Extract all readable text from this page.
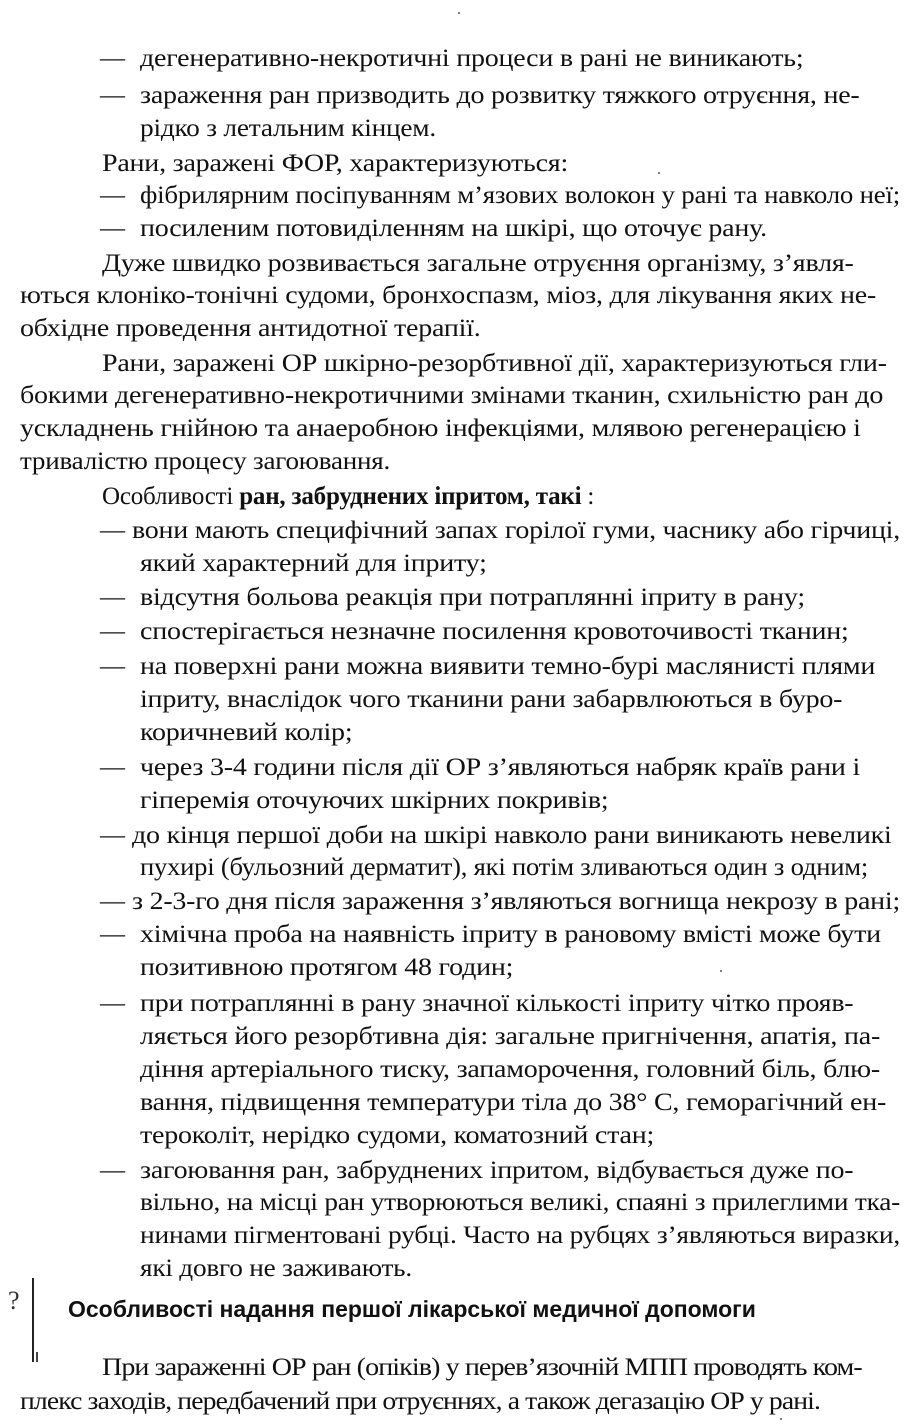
— дегенеративно-некротичні процеси в рані не виникають;
— зараження ран призводить до розвитку тяжкого отруєння, не-
рідко з летальним кінцем.
Рани, заражені ФОР, характеризуються:
— фібрилярним посіпуванням м’язових волокон у рані та навколо неї;
— посиленим потовиділенням на шкірі, що оточує рану.
Дуже швидко розвивається загальне отруєння організму, з’явля-
ються клоніко-тонічні судоми, бронхоспазм, міоз, для лікування яких не-
обхідне проведення антидотної терапії.
Рани, заражені ОР шкірно-резорбтивної дії, характеризуються гли-
бокими дегенеративно-некротичними змінами тканин, схильністю ран до
ускладнень гнійною та анаеробною інфекціями, млявою регенерацією і
тривалістю процесу загоювання.
Особливості ран, забруднених іпритом, такі :
— вони мають специфічний запах горілої гуми, часнику або гірчиці,
який характерний для іприту;
— відсутня больова реакція при потраплянні іприту в рану;
— спостерігається незначне посилення кровоточивості тканин;
— на поверхні рани можна виявити темно-бурі маслянисті плями
іприту, внаслідок чого тканини рани забарвлюються в буро-
коричневий колір;
— через 3-4 години після дії ОР з’являються набряк країв рани і
гіперемія оточуючих шкірних покривів;
— до кінця першої доби на шкірі навколо рани виникають невеликі
пухирі (бульозний дерматит), які потім зливаються один з одним;
— з 2-3-го дня після зараження з’являються вогнища некрозу в рані;
— хімічна проба на наявність іприту в рановому вмісті може бути
позитивною протягом 48 годин;
— при потраплянні в рану значної кількості іприту чітко прояв-
ляється його резорбтивна дія: загальне пригнічення, апатія, па-
діння артеріального тиску, запаморочення, головний біль, блю-
вання, підвищення температури тіла до 38° С, геморагічний ен-
тероколіт, нерідко судоми, коматозний стан;
— загоювання ран, забруднених іпритом, відбувається дуже по-
вільно, на місці ран утворюються великі, спаяні з прилеглими тка-
нинами пігментовані рубці. Часто на рубцях з’являються виразки,
які довго не заживають.
При зараженні ОР ран (опіків) у перев’язочній МПП проводять ком-
плекс заходів, передбачений при отруєннях, а також дегазацію ОР у рані.
? Особливості надання першої лікарської медичної допомоги
